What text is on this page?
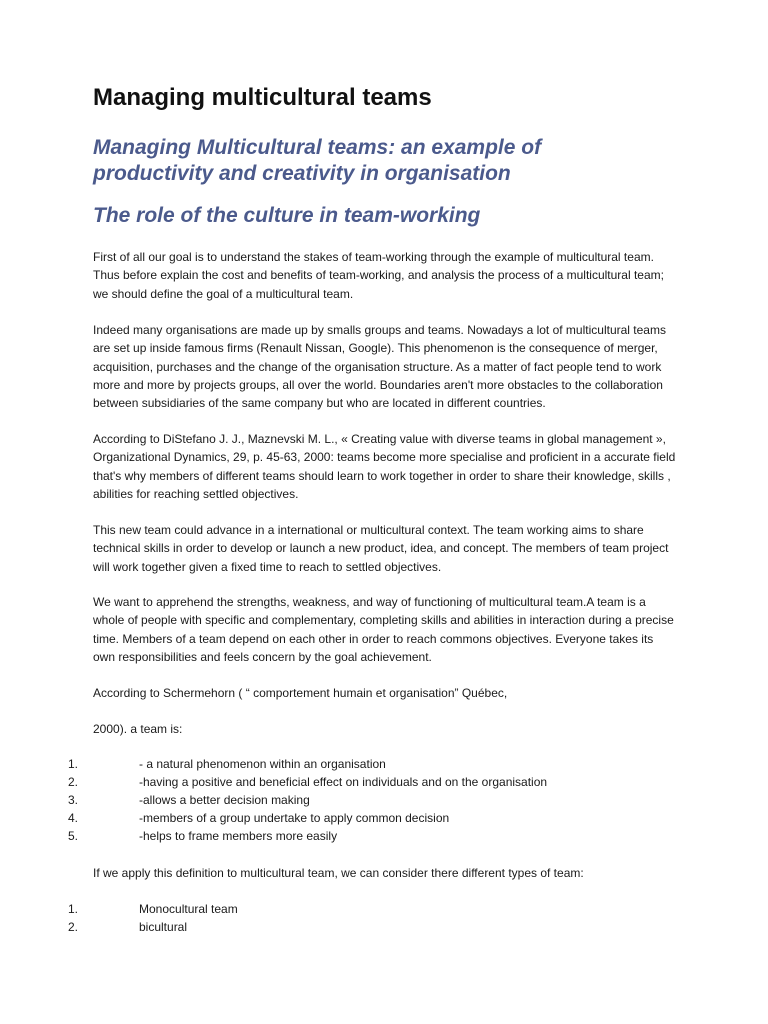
Managing multicultural teams
Managing Multicultural teams: an example of productivity and creativity in organisation
The role of the culture in team-working

First of all our goal is to understand the stakes of team-working through the example of multicultural team. Thus before explain the cost and benefits of team-working, and analysis the process of a multicultural team; we should define the goal of a multicultural team.

Indeed many organisations are made up by smalls groups and teams. Nowadays a lot of multicultural teams are set up inside famous firms (Renault Nissan, Google). This phenomenon is the consequence of merger, acquisition, purchases and the change of the organisation structure. As a matter of fact people tend to work more and more by projects groups, all over the world. Boundaries aren't more obstacles to the collaboration between subsidiaries of the same company but who are located in different countries.

According to DiStefano J. J., Maznevski M. L., « Creating value with diverse teams in global management », Organizational Dynamics, 29, p. 45-63, 2000: teams become more specialise and proficient in a accurate field that's why members of different teams should learn to work together in order to share their knowledge, skills , abilities for reaching settled objectives.

This new team could advance in a international or multicultural context. The team working aims to share technical skills in order to develop or launch a new product, idea, and concept. The members of team project will work together given a fixed time to reach to settled objectives.

We want to apprehend the strengths, weakness, and way of functioning of multicultural team.A team is a whole of people with specific and complementary, completing skills and abilities in interaction during a precise time. Members of a team depend on each other in order to reach commons objectives. Everyone takes its own responsibilities and feels concern by the goal achievement.

According to Schermehorn ( “ comportement humain et organisation” Québec,

2000). a team is:

1.	- a natural phenomenon within an organisation
2.	-having a positive and beneficial effect on individuals and on the organisation
3.	-allows a better decision making
4.	-members of a group undertake to apply common decision
5.	-helps to frame members more easily

If we apply this definition to multicultural team, we can consider there different types of team:

1.	Monocultural team
2.	bicultural
